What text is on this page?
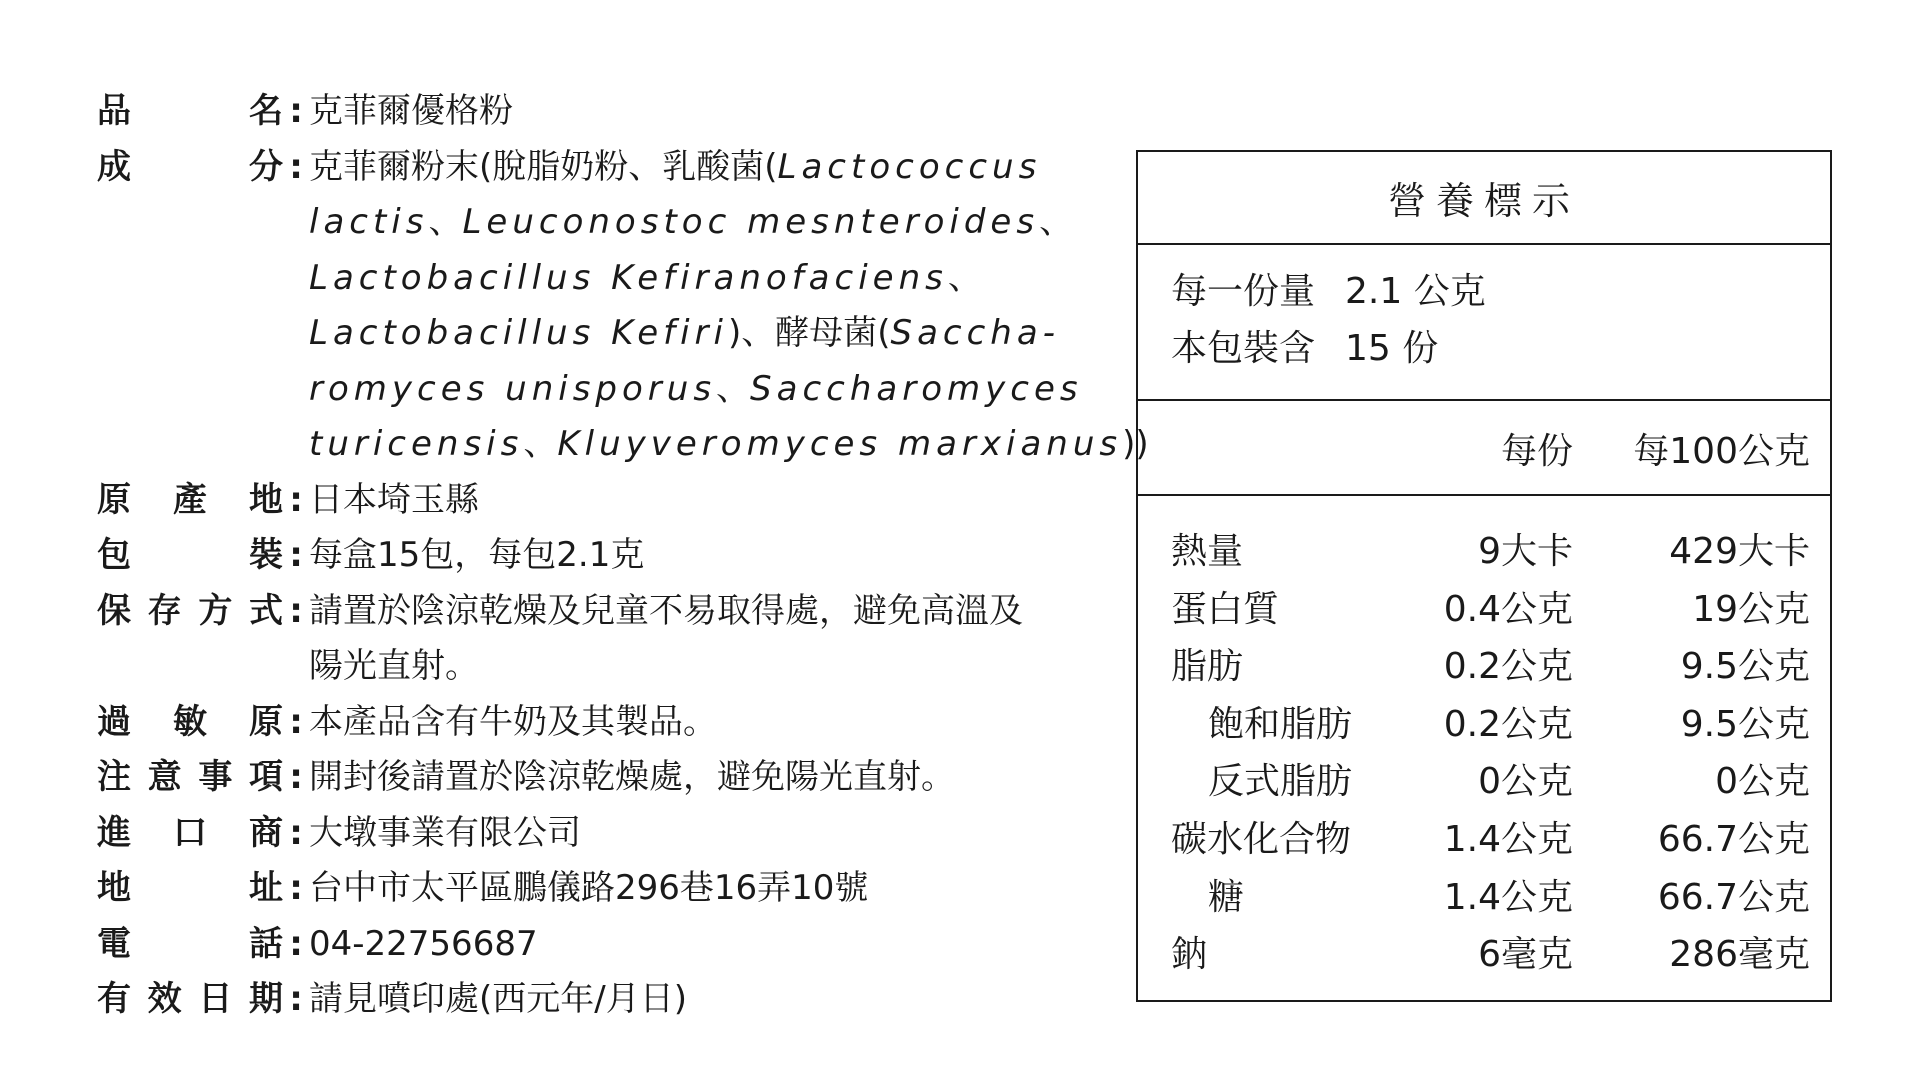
品	名 : 克菲爾優格粉
成	分 : 克菲爾粉末(脫脂奶粉、乳酸菌(Lactococcus
lactis、Leuconostoc mesnteroides、
Lactobacillus Kefiranofaciens、
Lactobacillus Kefiri)、酵母菌(Saccha-
romyces unisporus、Saccharomyces
turicensis、Kluyveromyces marxianus))
原 產 地 : 日本埼玉縣
包	裝 : 每盒15包，每包2.1克
保 存 方 式 : 請置於陰涼乾燥及兒童不易取得處，避免高溫及
陽光直射。
過 敏 原 : 本產品含有牛奶及其製品。
注 意 事 項 : 開封後請置於陰涼乾燥處，避免陽光直射。
進 口 商 : 大墩事業有限公司
地	址 : 台中市太平區鵬儀路296巷16弄10號
電	話 : 04-22756687
有 效 日 期 : 請見噴印處(西元年/月日)
營養標示
每一份量 2.1 公克
本包裝含 15 份
每份 每100公克
熱量	9大卡	429大卡
蛋白質	0.4公克	19公克
脂肪	0.2公克	9.5公克
飽和脂肪	0.2公克	9.5公克
反式脂肪	0公克	0公克
碳水化合物	1.4公克 66.7公克
糖	1.4公克 66.7公克
鈉	6毫克	286毫克
